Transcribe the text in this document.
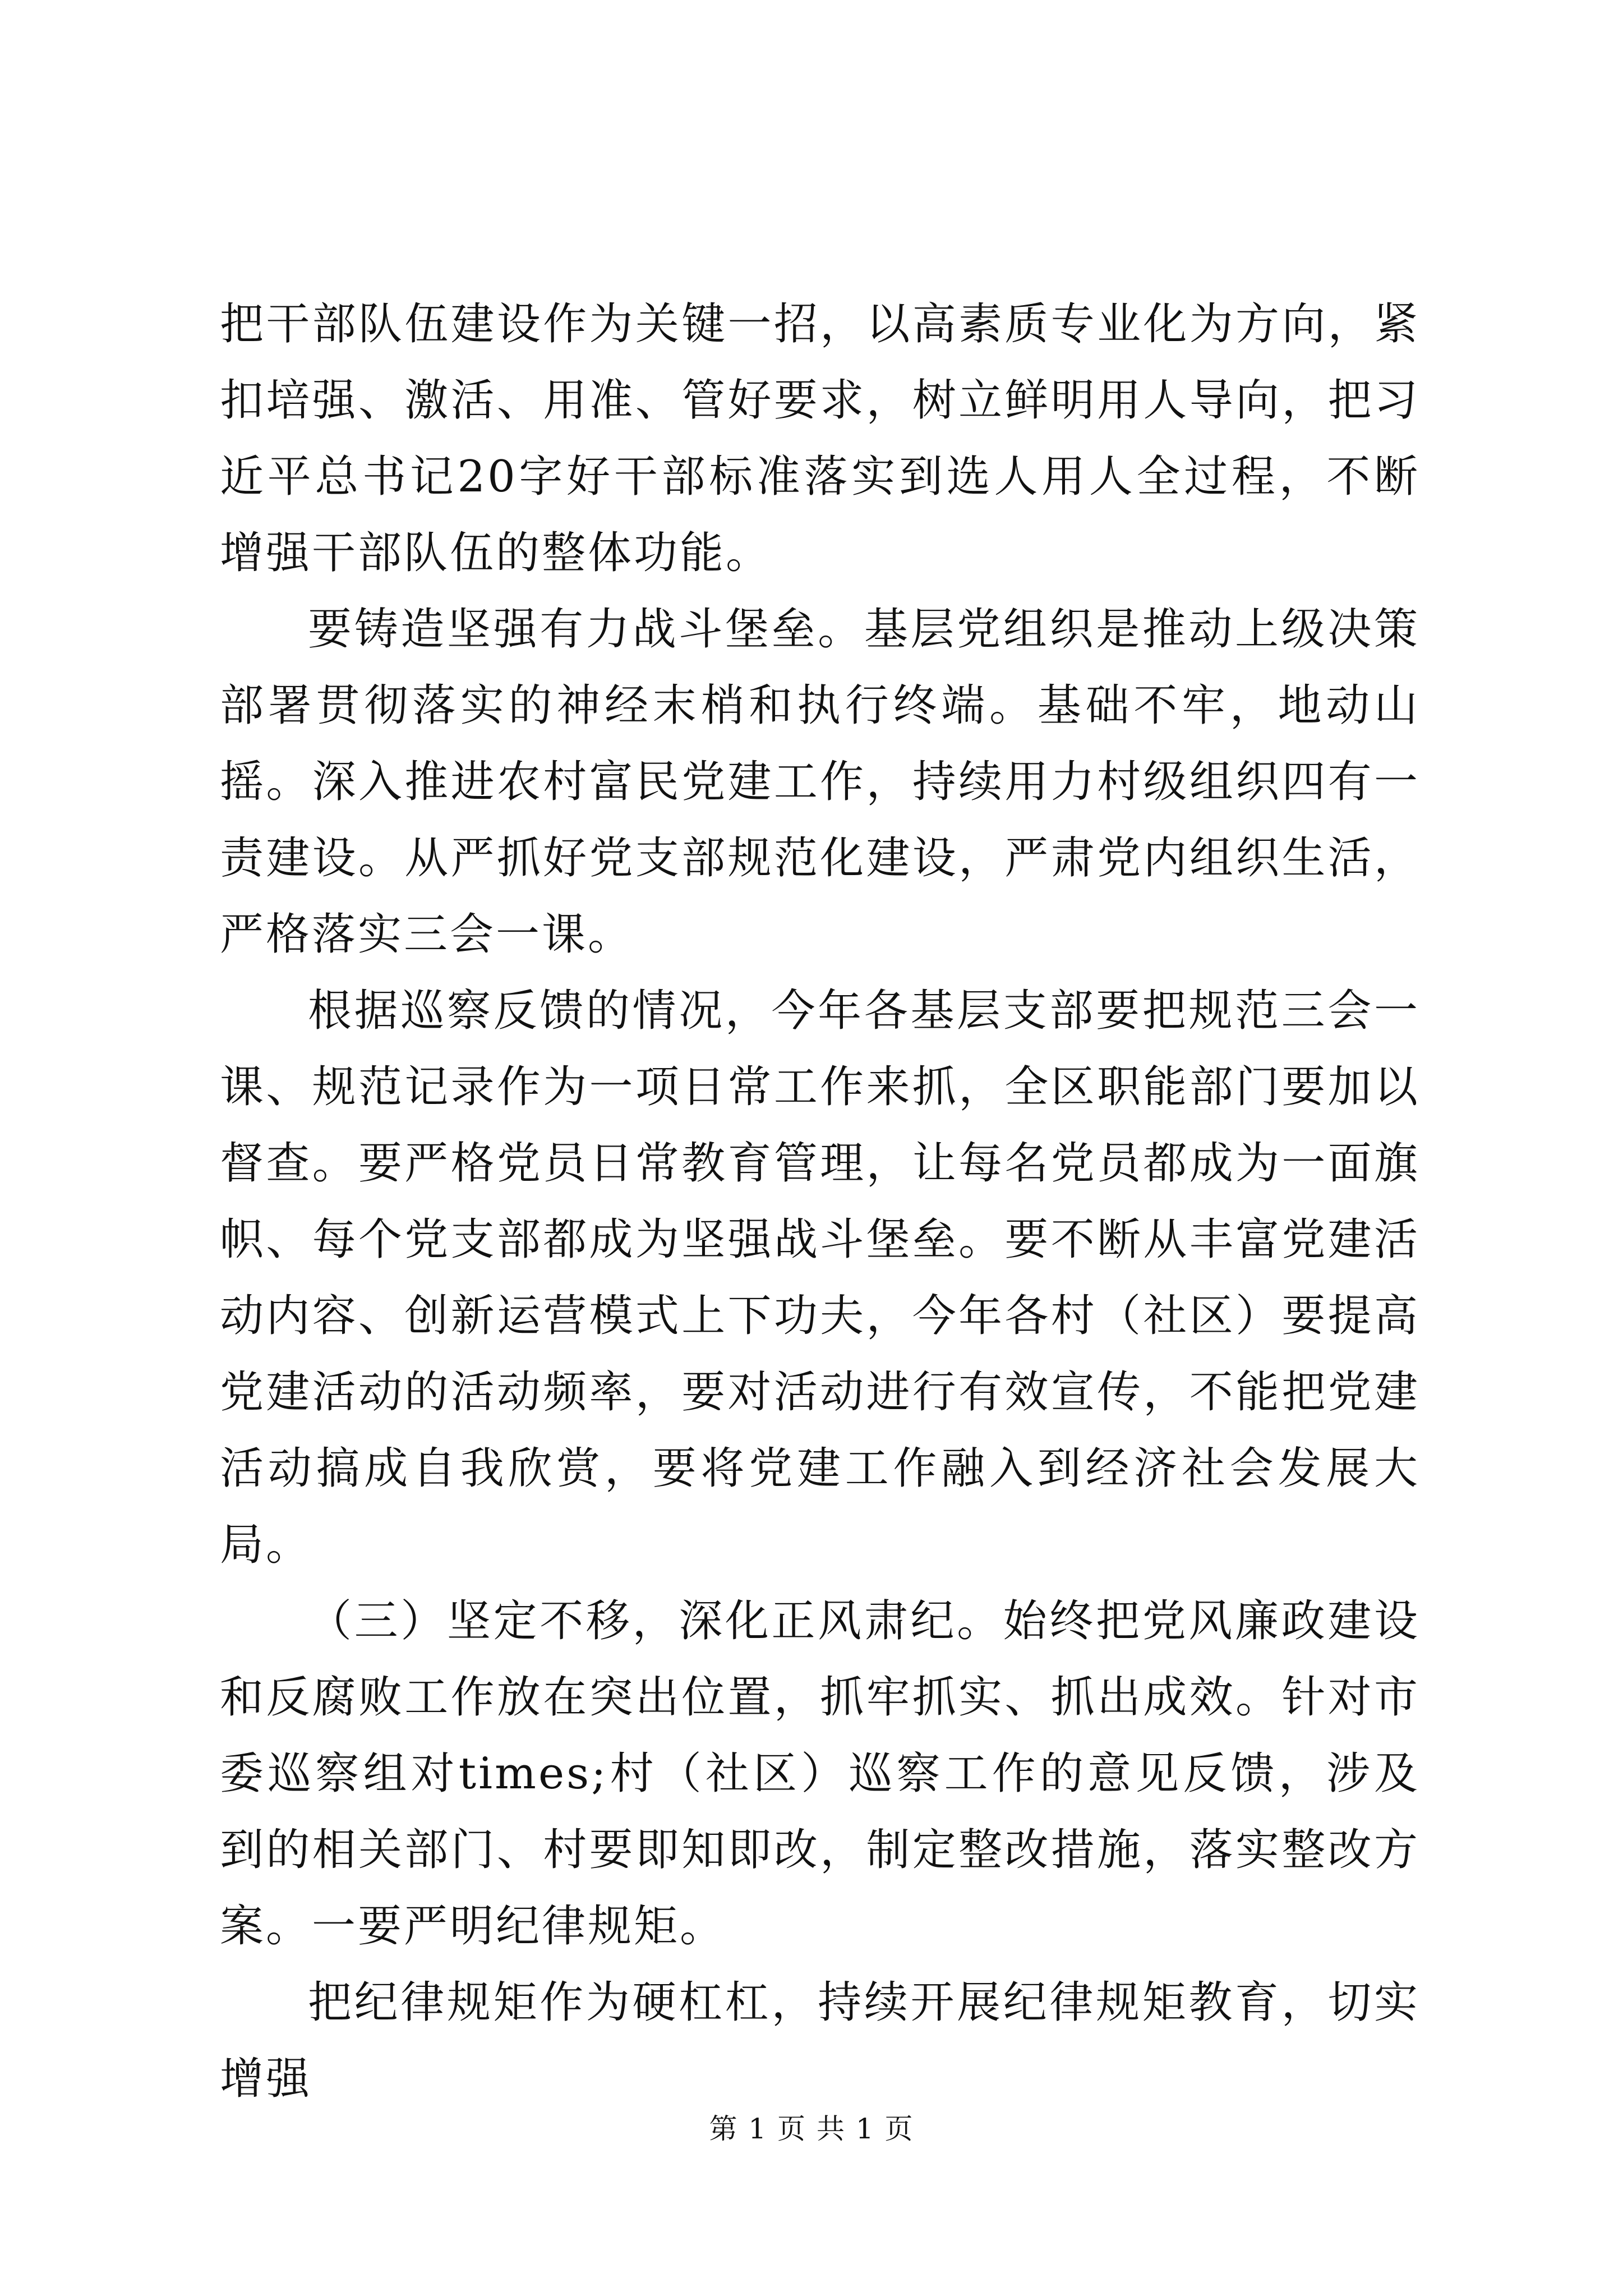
把干部队伍建设作为关键一招，以高素质专业化为方向，紧扣培强、激活、用准、管好要求，树立鲜明用人导向，把习近平总书记20字好干部标准落实到选人用人全过程，不断增强干部队伍的整体功能。

要铸造坚强有力战斗堡垒。基层党组织是推动上级决策部署贯彻落实的神经末梢和执行终端。基础不牢，地动山摇。深入推进农村富民党建工作，持续用力村级组织四有一责建设。从严抓好党支部规范化建设，严肃党内组织生活，严格落实三会一课。

根据巡察反馈的情况，今年各基层支部要把规范三会一课、规范记录作为一项日常工作来抓，全区职能部门要加以督查。要严格党员日常教育管理，让每名党员都成为一面旗帜、每个党支部都成为坚强战斗堡垒。要不断从丰富党建活动内容、创新运营模式上下功夫，今年各村（社区）要提高党建活动的活动频率，要对活动进行有效宣传，不能把党建活动搞成自我欣赏，要将党建工作融入到经济社会发展大局。

（三）坚定不移，深化正风肃纪。始终把党风廉政建设和反腐败工作放在突出位置，抓牢抓实、抓出成效。针对市委巡察组对times;村（社区）巡察工作的意见反馈，涉及到的相关部门、村要即知即改，制定整改措施，落实整改方案。一要严明纪律规矩。

把纪律规矩作为硬杠杠，持续开展纪律规矩教育，切实增强

第 1 页 共 1 页
